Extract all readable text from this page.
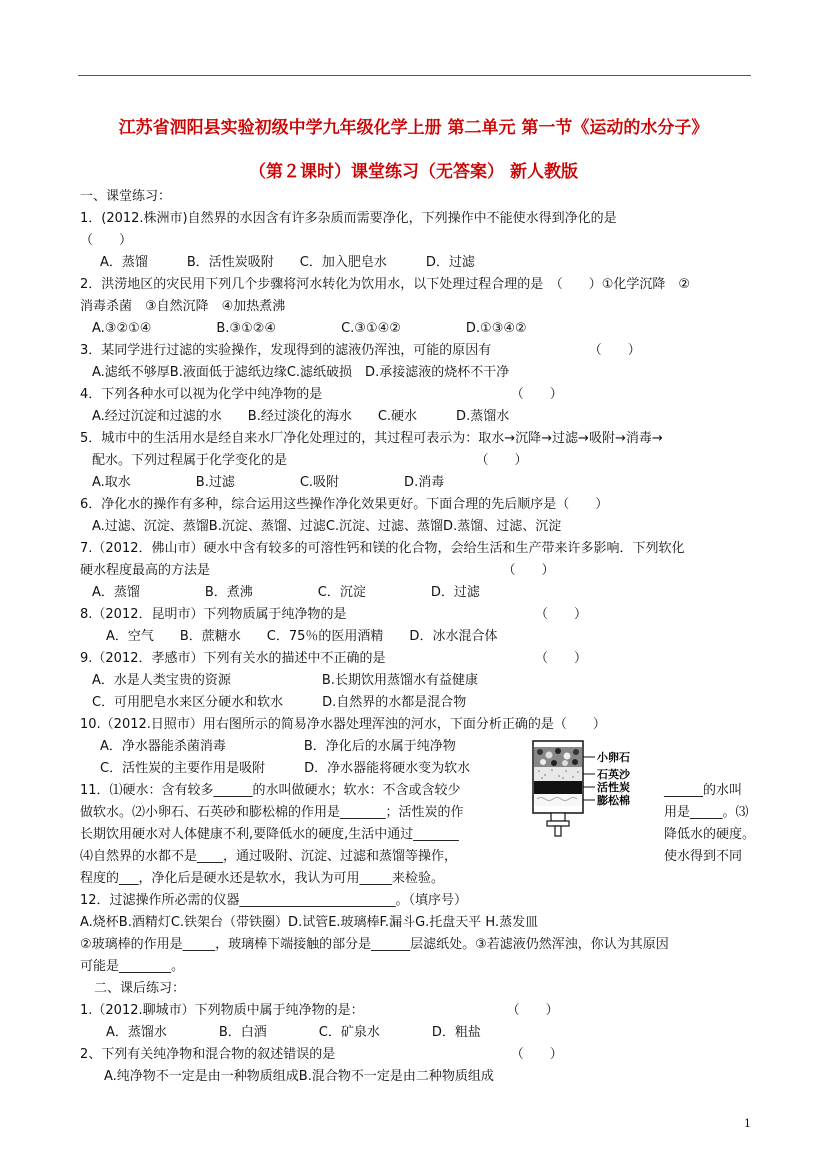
江苏省泗阳县实验初级中学九年级化学上册 第二单元 第一节《运动的水分子》
（第２课时）课堂练习（无答案） 新人教版
一、课堂练习：
1．(2012.株洲市)自然界的水因含有许多杂质而需要净化，下列操作中不能使水得到净化的是
（　　）
A．蒸馏　　　B．活性炭吸附　　C．加入肥皂水　　　D．过滤
2．洪涝地区的灾民用下列几个步骤将河水转化为饮用水，以下处理过程合理的是　（　　）①化学沉降　②
消毒杀菌　③自然沉降　④加热煮沸
A.③②①④　　　　　B.③①②④　　　　　C.③①④②　　　　　D.①③④②
3．某同学进行过滤的实验操作，发现得到的滤液仍浑浊，可能的原因有　　　　　　　　（　　）
A.滤纸不够厚B.液面低于滤纸边缘C.滤纸破损　D.承接滤液的烧杯不干净
4．下列各种水可以视为化学中纯净物的是　　　　　　　　　　　　　　　（　　）
A.经过沉淀和过滤的水　　B.经过淡化的海水　　C.硬水　　　D.蒸馏水
5．城市中的生活用水是经自来水厂净化处理过的，其过程可表示为：取水→沉降→过滤→吸附→消毒→
配水。下列过程属于化学变化的是　　　　　　　　　　　　　　　（　　）
A.取水　　　　　B.过滤　　　　　C.吸附　　　　　D.消毒
6．净化水的操作有多种，综合运用这些操作净化效果更好。下面合理的先后顺序是（　　）
A.过滤、沉淀、蒸馏B.沉淀、蒸馏、过滤C.沉淀、过滤、蒸馏D.蒸馏、过滤、沉淀
7.（2012．佛山市）硬水中含有较多的可溶性钙和镁的化合物，会给生活和生产带来许多影响．下列软化
硬水程度最高的方法是　　　　　　　　　　　　　　　　　　　　　　　（　　）
A．蒸馏　　　　　B．煮沸　　　　　C．沉淀　　　　　D．过滤
8.（2012．昆明市）下列物质属于纯净物的是　　　　　　　　　　　　　　　（　　）
A．空气　　B．蔗糖水　　C．75％的医用酒精　　D．冰水混合体
9.（2012．孝感市）下列有关水的描述中不正确的是　　　　　　　　　　　　（　　）
A．水是人类宝贵的资源　　　　　　　B.长期饮用蒸馏水有益健康
C．可用肥皂水来区分硬水和软水　　　D.自然界的水都是混合物
10.（2012.日照市）用右图所示的简易净水器处理浑浊的河水，下面分析正确的是（　　）
A．净水器能杀菌消毒　　　　　　B．净化后的水属于纯净物
C．活性炭的主要作用是吸附　　　D．净水器能将硬水变为软水
11．⑴硬水：含有较多______的水叫做硬水；软水：不含或含较少	______的水叫
做软水。⑵小卵石、石英砂和膨松棉的作用是_______；活性炭的作	用是_____。⑶
长期饮用硬水对人体健康不利,要降低水的硬度,生活中通过_______	降低水的硬度。
⑷自然界的水都不是____，通过吸附、沉淀、过滤和蒸馏等操作，	使水得到不同
程度的___，净化后是硬水还是软水，我认为可用_____来检验。
12．过滤操作所必需的仪器________________________。（填序号）
A.烧杯B.酒精灯C.铁架台（带铁圈）D.试管E.玻璃棒F.漏斗G.托盘天平 H.蒸发皿
②玻璃棒的作用是_____，玻璃棒下端接触的部分是______层滤纸处。③若滤液仍然浑浊，你认为其原因
可能是________。
二、课后练习：
1.（2012.聊城市）下列物质中属于纯净物的是：　　　　　　　　　　　　（　　）
A．蒸馏水　　　　B．白酒　　　　C．矿泉水　　　　D．粗盐
2、下列有关纯净物和混合物的叙述错误的是　　　　　　　　　　　　　　（　　）
A.纯净物不一定是由一种物质组成B.混合物不一定是由二种物质组成
小卵石
石英沙
活性炭
膨松棉
1
